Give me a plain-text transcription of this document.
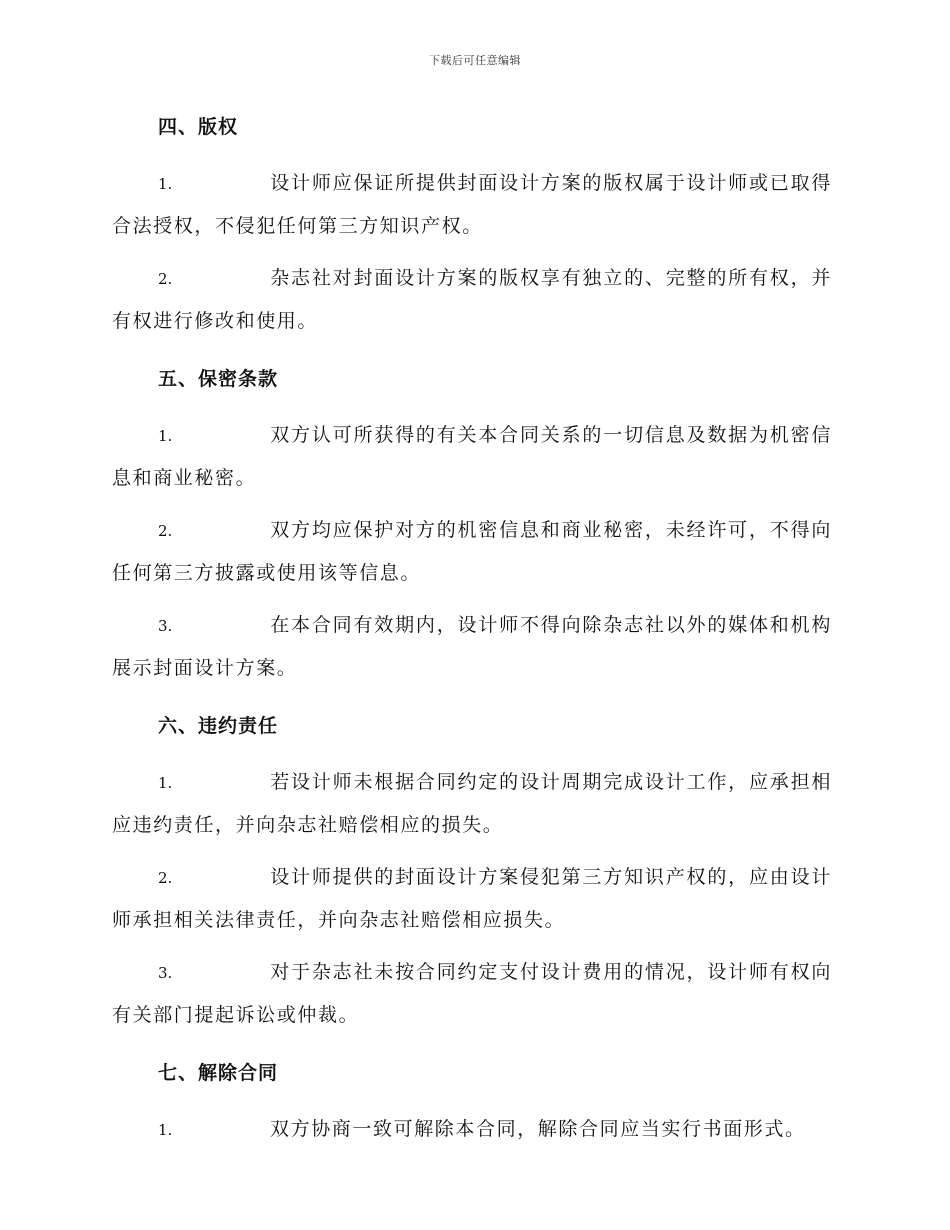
下载后可任意编辑
四、版权

1.	设计师应保证所提供封面设计方案的版权属于设计师或已取得合法授权，不侵犯任何第三方知识产权。

2.	杂志社对封面设计方案的版权享有独立的、完整的所有权，并有权进行修改和使用。

五、保密条款

1.	双方认可所获得的有关本合同关系的一切信息及数据为机密信息和商业秘密。

2.	双方均应保护对方的机密信息和商业秘密，未经许可，不得向任何第三方披露或使用该等信息。

3.	在本合同有效期内，设计师不得向除杂志社以外的媒体和机构展示封面设计方案。

六、违约责任

1.	若设计师未根据合同约定的设计周期完成设计工作，应承担相应违约责任，并向杂志社赔偿相应的损失。

2.	设计师提供的封面设计方案侵犯第三方知识产权的，应由设计师承担相关法律责任，并向杂志社赔偿相应损失。

3.	对于杂志社未按合同约定支付设计费用的情况，设计师有权向有关部门提起诉讼或仲裁。

七、解除合同

1.	双方协商一致可解除本合同，解除合同应当实行书面形式。
